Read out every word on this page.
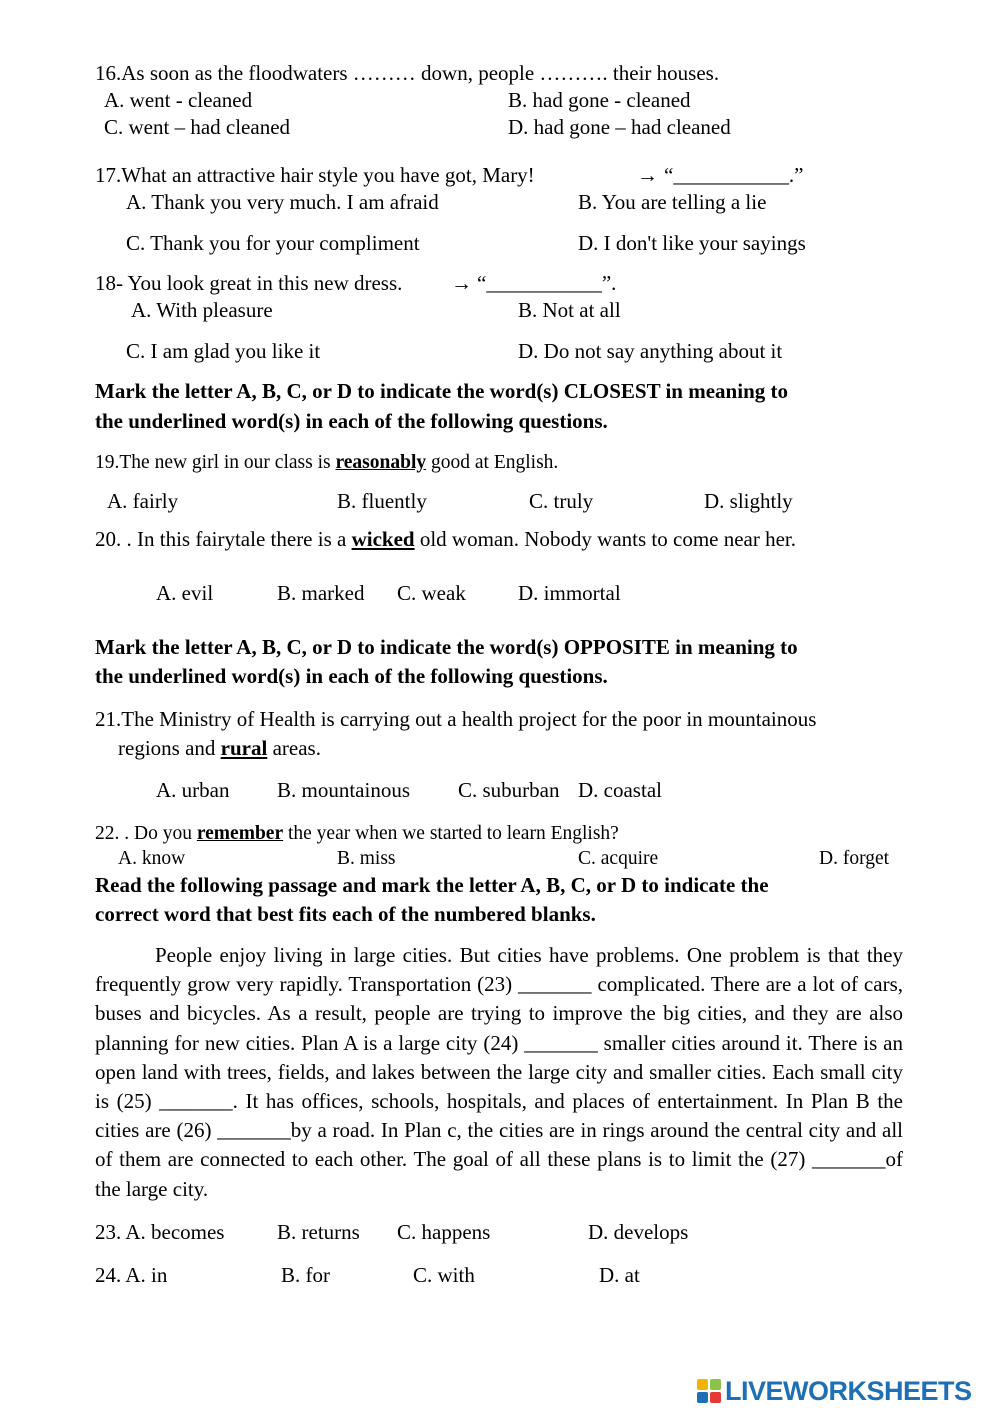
16.As soon as the floodwaters ……… down, people ………. their houses.
A. went - cleaned	B. had gone - cleaned
C. went – had cleaned	D. had gone – had cleaned
17.What an attractive hair style you have got, Mary!	→ “___________.”
A. Thank you very much. I am afraid	B. You are telling a lie
C. Thank you for your compliment	D. I don't like your sayings
18- You look great in this new dress. → “___________”.
A. With pleasure	B. Not at all
C. I am glad you like it	D. Do not say anything about it
Mark the letter A, B, C, or D to indicate the word(s) CLOSEST in meaning to
the underlined word(s) in each of the following questions.
19.The new girl in our class is reasonably good at English.
A. fairly	B. fluently	C. truly	D. slightly
20. . In this fairytale there is a wicked old woman. Nobody wants to come near her.
A. evil	B. marked C. weak D. immortal
Mark the letter A, B, C, or D to indicate the word(s) OPPOSITE in meaning to
the underlined word(s) in each of the following questions.
21.The Ministry of Health is carrying out a health project for the poor in mountainous
regions and rural areas.
A. urban B. mountainous C. suburban D. coastal
22. . Do you remember the year when we started to learn English?
A. know	B. miss	C. acquire	D. forget
Read the following passage and mark the letter A, B, C, or D to indicate the
correct word that best fits each of the numbered blanks.
People enjoy living in large cities. But cities have problems. One problem is that they frequently grow very rapidly. Transportation (23) _______ complicated. There are a lot of cars, buses and bicycles. As a result, people are trying to improve the big cities, and they are also planning for new cities. Plan A is a large city (24) _______ smaller cities around it. There is an open land with trees, fields, and lakes between the large city and smaller cities. Each small city is (25) _______. It has offices, schools, hospitals, and places of entertainment. In Plan B the cities are (26) _______by a road. In Plan c, the cities are in rings around the central city and all of them are connected to each other. The goal of all these plans is to limit the (27) _______of the large city.
23. A. becomes	B. returns C. happens	D. develops
24. A. in	B. for	C. with	D. at
LIVEWORKSHEETS
